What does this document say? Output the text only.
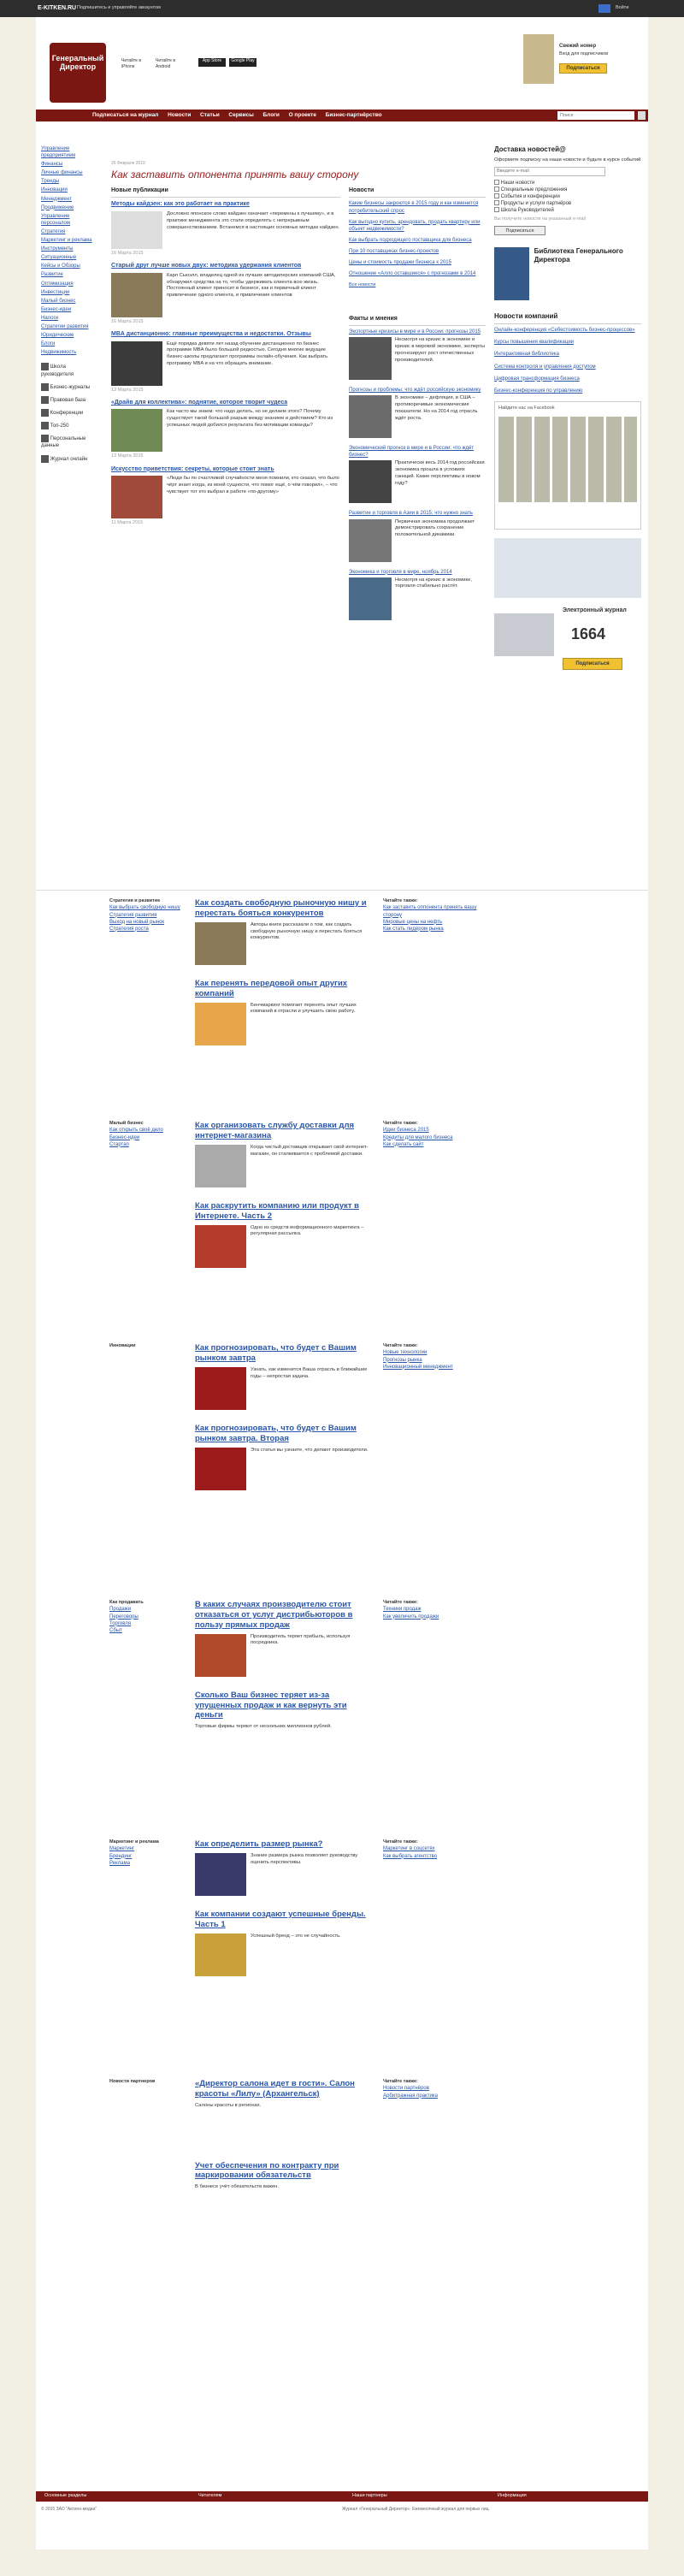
E-KITKEN.RU Подпишитесь и управляйте аккаунтом	Войти
Генеральный Директор
Читайте в iPhone
Читайте в Android
App Store	Google Play
Свежий номер
Вход для подписчиков
Подписаться
Подписаться на журнал Новости Статьи Сервисы Блоги О проекте Бизнес-партнёрство
Поиск
Управление предприятием
Финансы
Личные финансы
Тренды
Инновации
Менеджмент
Продвижение
Управление персоналом
Стратегия
Маркетинг и реклама
Инструменты
Ситуационные
Кейсы и Обзоры
Развитие
Оптимизация
Инвестиции
Малый бизнес
Бизнес-идеи
Налоги
Стратегии развития
Юридические
Блоги
Недвижимость
Школа руководителя
Бизнес-журналы
Правовая база
Конференции
Топ-250
Персональные данные
Журнал онлайн
26 Февраля 2015
Как заставить оппонента принять вашу сторону
Новые публикации
Методы кайдзен: как это работает на практике
Дословно японское слово кайдзен означает «перемены к лучшему», и в практике менеджмента это стали определять с непрерывным совершенствованием. Встанемся в настоящих основных методах кайдзен.
16 Марта 2015
Старый друг лучше новых двух: методика удержания клиентов
Карл Сьюэлл, владелец одной из лучших автодилерских компаний США, обнаружил средства на то, чтобы удерживать клиента всю жизнь. Постоянный клиент приносит в бизнесе, как и первичный клиент привлечение одного клиента, и привлечение клиентов
16 Марта 2015
MBA дистанционно: главные преимущества и недостатки. Отзывы
Ещё порядка девяти лет назад обучение дистанционно по бизнес программе MBA было большой редкостью. Сегодня многие ведущие бизнес-школы предлагают программы онлайн-обучения. Как выбрать программу MBA и на что обращать внимание.
13 Марта 2015
«Драйв для коллектива»: поднятие, которое творит чудеса
Как часто мы знаем: что надо делать, но не делаем этого? Почему существует такой большой разрыв между знанием и действием? Кто из успешных людей добился результата без мотивации команды?
13 Марта 2015
Искусство приветствия: секреты, которые стоит знать
«Люди бы по счастливой случайности меня помнили, кто сказал, что было чёрт знает когда, из моей сущности, что помог ещё, о чём говорил», – что чувствует тот кто выбрал в работе «по-другому»
11 Марта 2015
Новости
Какие бизнесы закроются в 2015 году и как изменится потребительский спрос
Как выгодно купить, арендовать, продать квартиру или объект недвижимости?
Как выбрать подходящего поставщика для бизнеса
При 10 поставщиках бизнес-проектов
Цены и стоимость продажи бизнеса к 2015
Отношение «Алло оставшиеся» с прогнозами в 2014
Все новости
Факты и мнения
Экспортные кризисы в мире и в России: прогнозы 2015
Несмотря на кризис в экономике и кризис в мировой экономике, эксперты прогнозируют рост отечественных производителей.
Прогнозы и проблемы: что ждёт российскую экономику
В экономике – дефляция, в США – противоречивые экономические показатели. Но на 2014 год отрасль ждёт роста.
Экономический прогноз в мире и в России: что ждёт бизнес?
Практически весь 2014 год российская экономика прошла в условиях санкций. Какие перспективы в новом году?
Развитие и торговля в Азии в 2015: что нужно знать
Первичная экономика продолжает демонстрировать сохранение положительной динамики.
Экономика и торговля в мире, ноябрь 2014
Несмотря на кризис в экономике, торговля стабильно растёт.
Доставка новостей@
Оформите подписку на наши новости и будьте в курсе событий
Введите e-mail
Наши новости
Специальные предложения
События и конференции
Продукты и услуги партнёров
Школа Руководителей
Вы получите новости на указанный e-mail
Подписаться
Библиотека Генерального Директора
Новости компаний
Онлайн-конференция «Себестоимость бизнес-процессов»
Курсы повышения квалификации
Интерактивная библиотека
Система контроля и управления доступом
Цифровая трансформация бизнеса
Бизнес-конференция по управлению
Найдите нас на Facebook
Электронный журнал
1664
Подписаться
Стратегия и развитие
Как выбрать свободную нишу
Стратегия развития
Выход на новый рынок
Стратегия роста
Как создать свободную рыночную нишу и перестать бояться конкурентов
Авторы книги рассказали о том, как создать свободную рыночную нишу и перестать бояться конкурентов.
Как перенять передовой опыт других компаний
Бенчмаркинг помогает перенять опыт лучших компаний в отрасли и улучшить свою работу.
Читайте также:
Как заставить оппонента принять вашу сторону
Мировые цены на нефть
Как стать лидером рынка
Малый бизнес
Как открыть своё дело
Бизнес-идеи
Стартап
Как организовать службу доставки для интернет-магазина
Когда чистый доставщик открывает свой интернет-магазин, он сталкивается с проблемой доставки.
Как раскрутить компанию или продукт в Интернете. Часть 2
Одно из средств информационного маркетинга – регулярная рассылка.
Читайте также:
Идеи бизнеса 2015
Кредиты для малого бизнеса
Как сделать сайт
Инновации	Как прогнозировать, что будет с Вашим рынком завтра
Узнать, как изменится Ваша отрасль в ближайшие годы – непростая задача.
Как прогнозировать, что будет с Вашим рынком завтра. Вторая
Эта статья вы узнаете, что делают производители.
Читайте также:
Новые технологии
Прогнозы рынка
Инновационный менеджмент
Как продавать
Продажи
Переговоры
Торговля
Сбыт
В каких случаях производителю стоит отказаться от услуг дистрибьюторов в пользу прямых продаж
Производитель теряет прибыль, используя посредника.
Сколько Ваш бизнес теряет из-за упущенных продаж и как вернуть эти деньги
Торговые фирмы теряют от нескольких миллионов рублей.
Читайте также:
Техники продаж
Как увеличить продажи
Маркетинг и реклама
Маркетинг
Брендинг
Реклама
Как определить размер рынка?
Знание размера рынка позволяет руководству оценить перспективы.
Как компании создают успешные бренды. Часть 1
Успешный бренд – это не случайность.
Читайте также:
Маркетинг в соцсетях
Как выбрать агентство
Новости партнеров	«Директор салона идет в гости». Салон красоты «Лилу» (Архангельск)
Салоны красоты в регионах.
Учет обеспечения по контракту при маркировании обязательств
В бизнесе учёт обязательств важен.
Читайте также:
Новости партнёров
Арбитражная практика
Основные разделы	Читателям	Наши партнеры	Информация
© 2015 ЗАО "Актион-медиа"	Журнал «Генеральный Директор». Ежемесячный журнал для первых лиц.
